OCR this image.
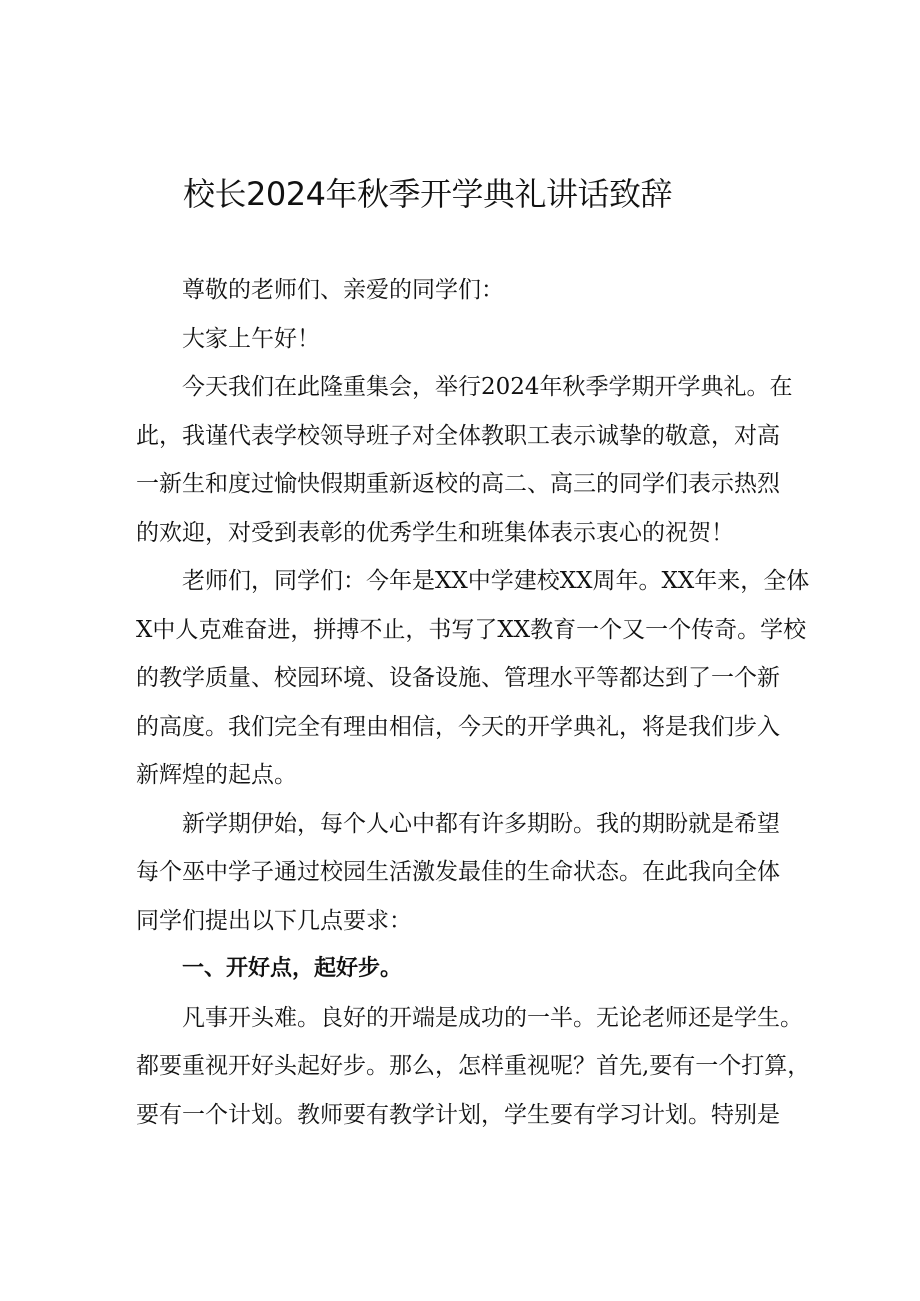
校长2024年秋季开学典礼讲话致辞

尊敬的老师们、亲爱的同学们：

大家上午好！

今天我们在此隆重集会，举行2024年秋季学期开学典礼。在
此，我谨代表学校领导班子对全体教职工表示诚挚的敬意，对高
一新生和度过愉快假期重新返校的高二、高三的同学们表示热烈
的欢迎，对受到表彰的优秀学生和班集体表示衷心的祝贺！

老师们，同学们：今年是XX中学建校XX周年。XX年来，全体
X中人克难奋进，拼搏不止，书写了XX教育一个又一个传奇。学校
的教学质量、校园环境、设备设施、管理水平等都达到了一个新
的高度。我们完全有理由相信，今天的开学典礼，将是我们步入
新辉煌的起点。

新学期伊始，每个人心中都有许多期盼。我的期盼就是希望
每个巫中学子通过校园生活激发最佳的生命状态。在此我向全体
同学们提出以下几点要求：

一、开好点，起好步。

凡事开头难。良好的开端是成功的一半。无论老师还是学生。
都要重视开好头起好步。那么，怎样重视呢？首先,要有一个打算，
要有一个计划。教师要有教学计划，学生要有学习计划。特别是
